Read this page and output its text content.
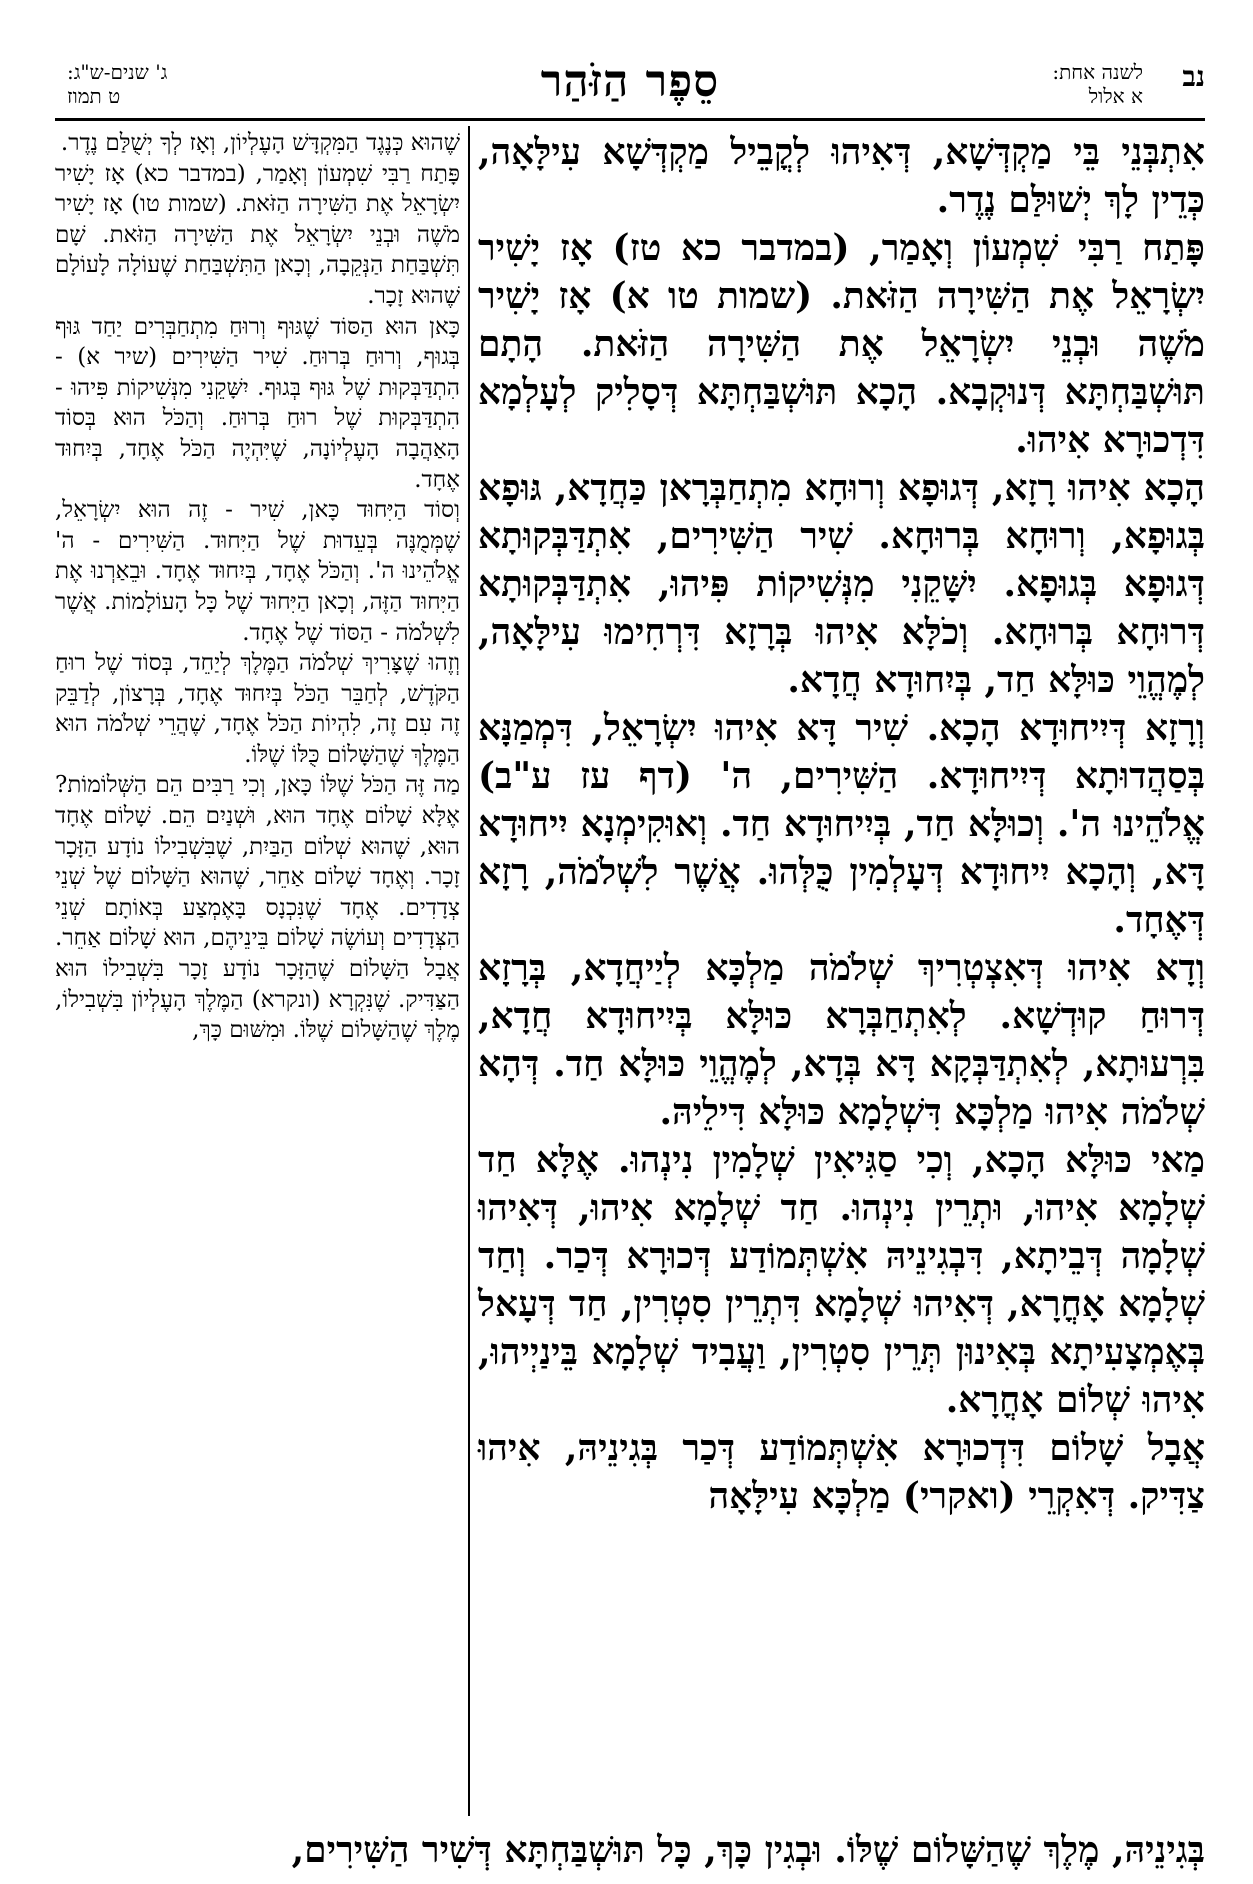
נב
לשנה אחת:
א אלול
סֵפֶר הַזֹּהַר
ג' שנים-ש"ג:
ט תמוז

אִתְבְּנֵי בֵּי מַקְדְּשָׁא, דְּאִיהוּ לְקֳבֵיל מַקְדְּשָׁא עִילָּאָה, כְּדֵין לָךְ יְשׁוּלַּם נֶדֶר.

פָּתַח רַבִּי שִׁמְעוֹן וְאָמַר, (במדבר כא טז) אָז יָשִׁיר יִשְׂרָאֵל אֶת הַשִּׁירָה הַזֹּאת. (שמות טו א) אָז יָשִׁיר מֹשֶׁה וּבְנֵי יִשְׂרָאֵל אֶת הַשִּׁירָה הַזֹּאת. הָתָם תּוּשְׁבַּחְתָּא דְּנוּקְבָא. הָכָא תּוּשְׁבַּחְתָּא דְּסָלִיק לְעָלְמָא דִּדְכוּרָא אִיהוּ.

הָכָא אִיהוּ רָזָא, דְּגוּפָא וְרוּחָא מִתְחַבְּרָאן כַּחֲדָא, גּוּפָא בְּגוּפָא, וְרוּחָא בְּרוּחָא. שִׁיר הַשִּׁירִים, אִתְדַּבְּקוּתָא דְּגוּפָא בְּגוּפָא. יִשָּׁקֵנִי מִנְּשִׁיקוֹת פִּיהוּ, אִתְדַּבְּקוּתָא דְּרוּחָא בְּרוּחָא. וְכֹלָּא אִיהוּ בְּרָזָא דִּרְחִימוּ עִילָּאָה, לְמֶהֱוֵי כּוּלָּא חַד, בְּיִחוּדָא חֲדָא.

וְרָזָא דְּיִיחוּדָא הָכָא. שִׁיר דָּא אִיהוּ יִשְׂרָאֵל, דִּמְמַנָּא בְּסַהֲדוּתָא דְּיִיחוּדָא. הַשִּׁירִים, ה' (דף עז ע"ב) אֱלֹהֵינוּ ה'. וְכוּלָּא חַד, בְּיִיחוּדָא חַד. וְאוּקִימְנָא יִיחוּדָא דָּא, וְהָכָא יִיחוּדָא דְּעָלְמִין כֻּלְּהוּ. אֲשֶׁר לִשְׁלֹמֹה, רָזָא דְּאֶחָד.

וְדָא אִיהוּ דְּאִצְטְרִיךְ שְׁלֹמֹה מַלְכָּא לְיַיחֲדָא, בְּרָזָא דְּרוּחַ קוּדְשָׁא. לְאִתְחַבְּרָא כּוּלָּא בְּיִיחוּדָא חֲדָא, בִּרְעוּתָא, לְאִתְדַּבְּקָא דָּא בְּדָא, לְמֶהֱוֵי כּוּלָּא חַד. דְּהָא שְׁלֹמֹה אִיהוּ מַלְכָּא דִּשְׁלָמָא כּוּלָּא דִּילֵיהּ.

מַאי כּוּלָּא הָכָא, וְכִי סַגִּיאִין שְׁלָמִין נִינְהוּ. אֶלָּא חַד שְׁלָמָא אִיהוּ, וּתְרֵין נִינְהוּ. חַד שְׁלָמָא אִיהוּ, דְּאִיהוּ שְׁלָמָה דְּבֵיתָא, דִּבְגִינֵיהּ אִשְׁתְּמוֹדַע דְּכוּרָא דְּכַר. וְחַד שְׁלָמָא אָחֳרָא, דְּאִיהוּ שְׁלָמָא דִּתְרֵין סִטְרִין, חַד דְּעָאל בְּאֶמְצָעִיתָא בְּאִינוּן תְּרֵין סִטְרִין, וַעֲבִיד שְׁלָמָא בֵּינַיְיהוּ, אִיהוּ שְׁלוֹם אָחֳרָא.

אֲבָל שָׁלוֹם דִּדְכוּרָא אִשְׁתְּמוֹדַע דְּכַר בְּגִינֵיהּ, אִיהוּ צַדִּיק. דְּאִקְרֵי (ואקרי) מַלְכָּא עִילָּאָה

שֶׁהוּא כְּנֶגֶד הַמִּקְדָּשׁ הָעֶלְיוֹן, וְאָז לְךָ יְשֻׁלַּם נֶדֶר.

פָּתַח רַבִּי שִׁמְעוֹן וְאָמַר, (במדבר כא) אָז יָשִׁיר יִשְׂרָאֵל אֶת הַשִּׁירָה הַזֹּאת. (שמות טו) אָז יָשִׁיר מֹשֶׁה וּבְנֵי יִשְׂרָאֵל אֶת הַשִּׁירָה הַזֹּאת. שָׁם תִּשְׁבַּחַת הַנְּקֵבָה, וְכָאן הַתִּשְׁבַּחַת שֶׁעוֹלָה לָעוֹלָם שֶׁהוּא זָכָר.

כָּאן הוּא הַסּוֹד שֶׁגּוּף וְרוּחַ מִתְחַבְּרִים יַחַד גּוּף בְּגוּף, וְרוּחַ בְּרוּחַ. שִׁיר הַשִּׁירִים (שיר א) - הִתְדַּבְּקוּת שֶׁל גּוּף בְּגוּף. יִשָּׁקֵנִי מִנְּשִׁיקוֹת פִּיהוּ - הִתְדַּבְּקוּת שֶׁל רוּחַ בְּרוּחַ. וְהַכֹּל הוּא בְּסוֹד הָאַהֲבָה הָעֶלְיוֹנָה, שֶׁיִּהְיֶה הַכֹּל אֶחָד, בְּיִחוּד אֶחָד.

וְסוֹד הַיִּחוּד כָּאן, שִׁיר - זֶה הוּא יִשְׂרָאֵל, שֶׁמְּמֻנֶּה בְּעֵדוּת שֶׁל הַיִּחוּד. הַשִּׁירִים - ה' אֱלֹהֵינוּ ה'. וְהַכֹּל אֶחָד, בְּיִחוּד אֶחָד. וּבֵאַרְנוּ אֶת הַיִּחוּד הַזֶּה, וְכָאן הַיִּחוּד שֶׁל כָּל הָעוֹלָמוֹת. אֲשֶׁר לִשְׁלֹמֹה - הַסּוֹד שֶׁל אֶחָד.

וְזֶהוּ שֶׁצָּרִיךְ שְׁלֹמֹה הַמֶּלֶךְ לְיַחֵד, בְּסוֹד שֶׁל רוּחַ הַקֹּדֶשׁ, לְחַבֵּר הַכֹּל בְּיִחוּד אֶחָד, בְּרָצוֹן, לְדַבֵּק זֶה עִם זֶה, לִהְיוֹת הַכֹּל אֶחָד, שֶׁהֲרֵי שְׁלֹמֹה הוּא הַמֶּלֶךְ שֶׁהַשָּׁלוֹם כֻּלּוֹ שֶׁלּוֹ.

מַה זֶּה הַכֹּל שֶׁלּוֹ כָּאן, וְכִי רַבִּים הֵם הַשְּׁלוֹמוֹת? אֶלָּא שָׁלוֹם אֶחָד הוּא, וּשְׁנַיִם הֵם. שָׁלוֹם אֶחָד הוּא, שֶׁהוּא שְׁלוֹם הַבַּיִת, שֶׁבִּשְׁבִילוֹ נוֹדָע הַזָּכָר זָכָר. וְאֶחָד שָׁלוֹם אַחֵר, שֶׁהוּא הַשָּׁלוֹם שֶׁל שְׁנֵי צְדָדִים. אֶחָד שֶׁנִּכְנָס בָּאֶמְצַע בְּאוֹתָם שְׁנֵי הַצְּדָדִים וְעוֹשֶׂה שָׁלוֹם בֵּינֵיהֶם, הוּא שָׁלוֹם אַחֵר.

אֲבָל הַשָּׁלוֹם שֶׁהַזָּכָר נוֹדָע זָכָר בִּשְׁבִילוֹ הוּא הַצַּדִּיק. שֶׁנִּקְרָא (ונקרא) הַמֶּלֶךְ הָעֶלְיוֹן בִּשְׁבִילוֹ, מֶלֶךְ שֶׁהַשָּׁלוֹם שֶׁלּוֹ. וּמִשּׁוּם כָּךְ,

בְּגִינֵיהּ, מֶלֶךְ שֶׁהַשָּׁלוֹם שֶׁלּוֹ. וּבְגִין כָּךְ, כָּל תּוּשְׁבַּחְתָּא דְּשִׁיר הַשִּׁירִים,
